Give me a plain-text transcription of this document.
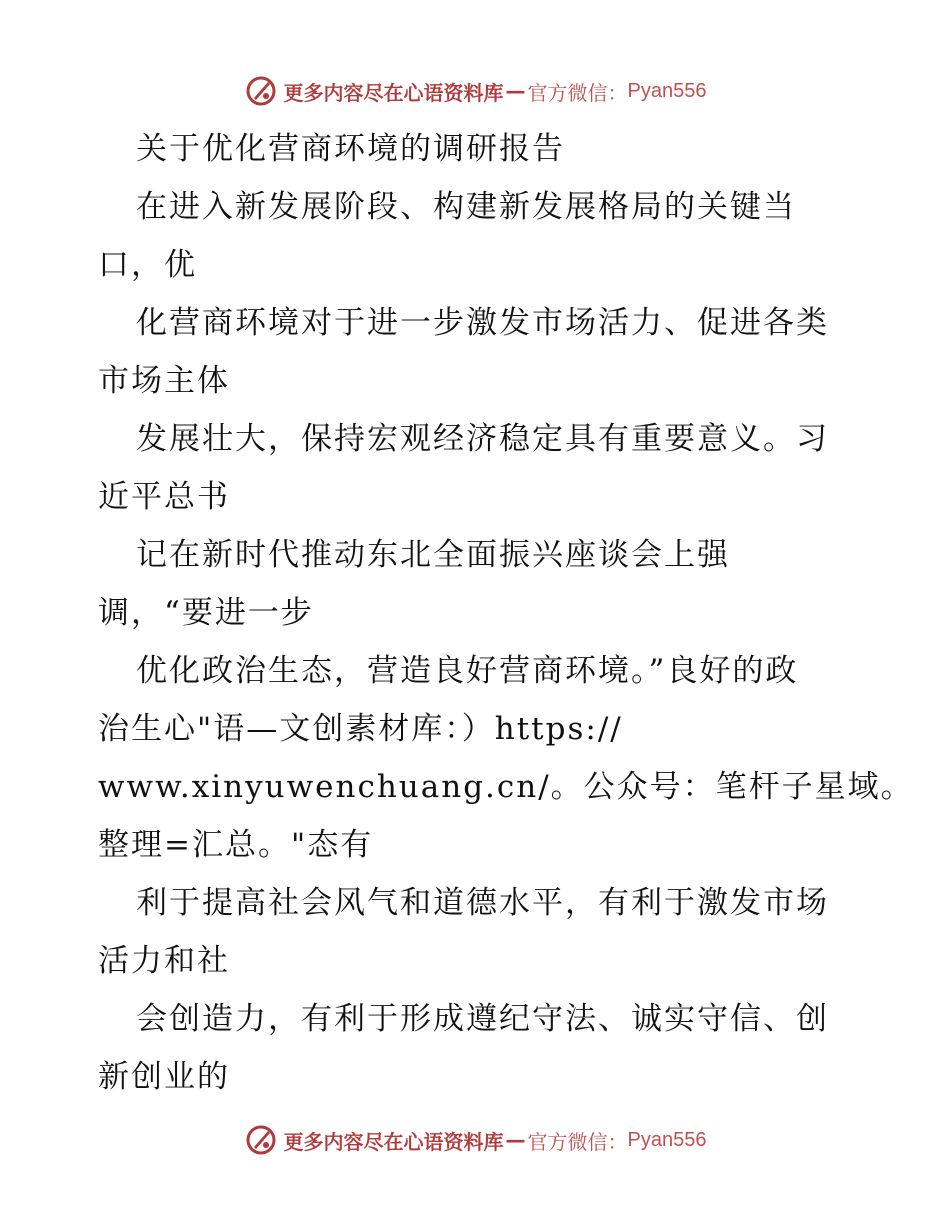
更多内容尽在心语资料库 — 官方微信： Pyan556
关于优化营商环境的调研报告
在进入新发展阶段、构建新发展格局的关键当
口，优
化营商环境对于进一步激发市场活力、促进各类
市场主体
发展壮大，保持宏观经济稳定具有重要意义。习
近平总书
记在新时代推动东北全面振兴座谈会上强
调，“要进一步
优化政治生态，营造良好营商环境。”良好的政
治生心"语—文创素材库：）https://
www.xinyuwenchuang.cn/。公众号：笔杆子星域。
整理=汇总。"态有
利于提高社会风气和道德水平，有利于激发市场
活力和社
会创造力，有利于形成遵纪守法、诚实守信、创
新创业的
更多内容尽在心语资料库 — 官方微信： Pyan556
